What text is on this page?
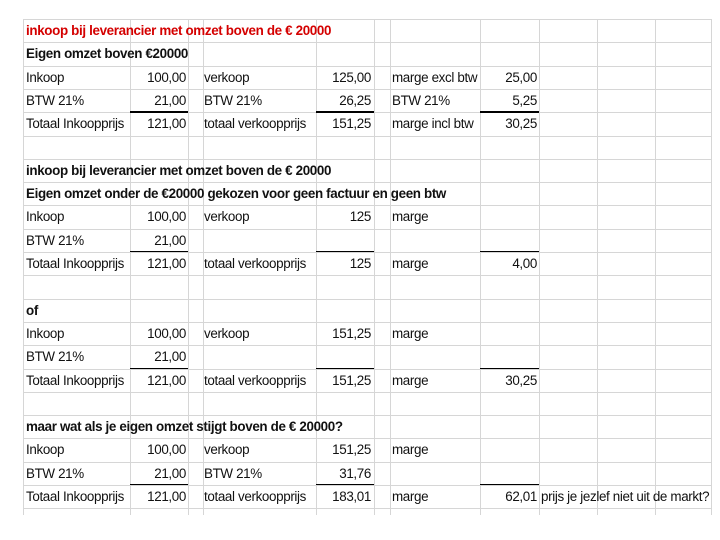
inkoop bij leverancier met omzet boven de € 20000
Eigen omzet boven €20000
Inkoop	100,00 verkoop	125,00 marge excl btw	25,00
BTW 21%	21,00 BTW 21%	26,25 BTW 21%	5,25
Totaal Inkoopprijs	121,00 totaal verkoopprijs	151,25 marge incl btw	30,25
inkoop bij leverancier met omzet boven de € 20000
Eigen omzet onder de €20000 gekozen voor geen factuur en geen btw
Inkoop	100,00 verkoop	125 marge
BTW 21%	21,00
Totaal Inkoopprijs	121,00 totaal verkoopprijs	125 marge	4,00
of
Inkoop	100,00 verkoop	151,25 marge
BTW 21%	21,00
Totaal Inkoopprijs	121,00 totaal verkoopprijs	151,25 marge	30,25
maar wat als je eigen omzet stijgt boven de € 20000?
Inkoop	100,00 verkoop	151,25 marge
BTW 21%	21,00 BTW 21%	31,76
Totaal Inkoopprijs	121,00 totaal verkoopprijs	183,01 marge	62,01 prijs je jezlef niet uit de markt?
